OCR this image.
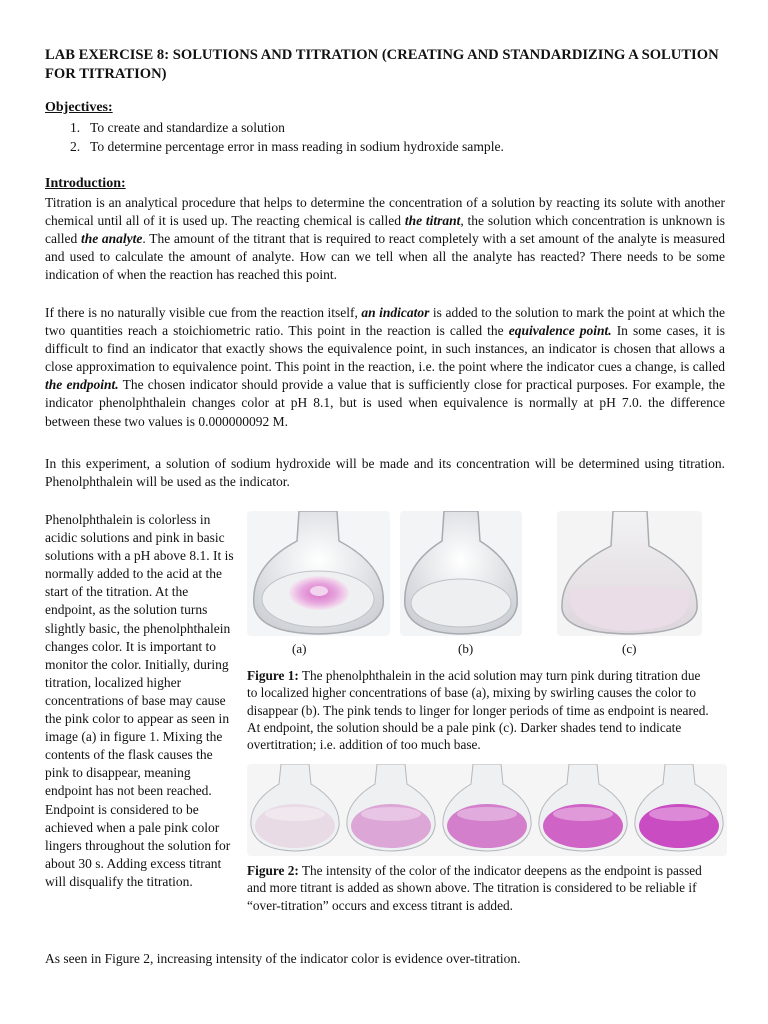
LAB EXERCISE 8: SOLUTIONS AND TITRATION (CREATING AND STANDARDIZING A SOLUTION FOR TITRATION)
Objectives:
1. To create and standardize a solution
2. To determine percentage error in mass reading in sodium hydroxide sample.
Introduction:
Titration is an analytical procedure that helps to determine the concentration of a solution by reacting its solute with another chemical until all of it is used up. The reacting chemical is called the titrant, the solution which concentration is unknown is called the analyte. The amount of the titrant that is required to react completely with a set amount of the analyte is measured and used to calculate the amount of analyte. How can we tell when all the analyte has reacted? There needs to be some indication of when the reaction has reached this point.
If there is no naturally visible cue from the reaction itself, an indicator is added to the solution to mark the point at which the two quantities reach a stoichiometric ratio. This point in the reaction is called the equivalence point. In some cases, it is difficult to find an indicator that exactly shows the equivalence point, in such instances, an indicator is chosen that allows a close approximation to equivalence point. This point in the reaction, i.e. the point where the indicator cues a change, is called the endpoint. The chosen indicator should provide a value that is sufficiently close for practical purposes. For example, the indicator phenolphthalein changes color at pH 8.1, but is used when equivalence is normally at pH 7.0. the difference between these two values is 0.000000092 M.
In this experiment, a solution of sodium hydroxide will be made and its concentration will be determined using titration. Phenolphthalein will be used as the indicator.
Phenolphthalein is colorless in acidic solutions and pink in basic solutions with a pH above 8.1. It is normally added to the acid at the start of the titration. At the endpoint, as the solution turns slightly basic, the phenolphthalein changes color. It is important to monitor the color. Initially, during titration, localized higher concentrations of base may cause the pink color to appear as seen in image (a) in figure 1. Mixing the contents of the flask causes the pink to disappear, meaning endpoint has not been reached. Endpoint is considered to be achieved when a pale pink color lingers throughout the solution for about 30 s. Adding excess titrant will disqualify the titration.
(a)	(b)	(c)
Figure 1: The phenolphthalein in the acid solution may turn pink during titration due to localized higher concentrations of base (a), mixing by swirling causes the color to disappear (b). The pink tends to linger for longer periods of time as endpoint is neared. At endpoint, the solution should be a pale pink (c). Darker shades tend to indicate overtitration; i.e. addition of too much base.
Figure 2: The intensity of the color of the indicator deepens as the endpoint is passed and more titrant is added as shown above. The titration is considered to be reliable if “over-titration” occurs and excess titrant is added.
As seen in Figure 2, increasing intensity of the indicator color is evidence over-titration.
